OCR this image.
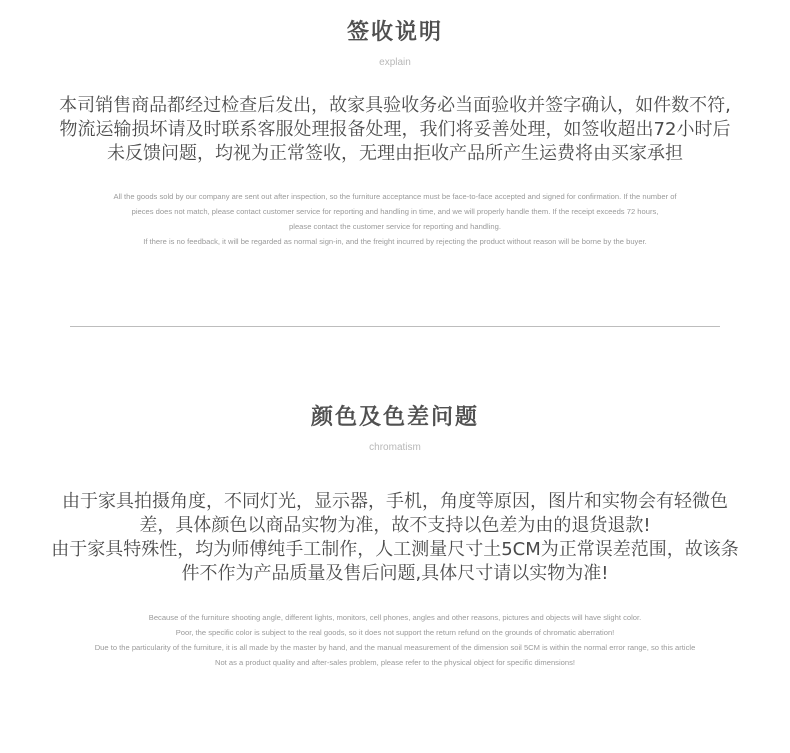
签收说明
explain
本司销售商品都经过检查后发出，故家具验收务必当面验收并签字确认，如件数不符,
物流运输损坏请及时联系客服处理报备处理，我们将妥善处理，如签收超出72小时后
未反馈问题，均视为正常签收，无理由拒收产品所产生运费将由买家承担
All the goods sold by our company are sent out after inspection, so the furniture acceptance must be face-to-face accepted and signed for confirmation. If the number of
pieces does not match, please contact customer service for reporting and handling in time, and we will properly handle them. If the receipt exceeds 72 hours,
please contact the customer service for reporting and handling.
If there is no feedback, it will be regarded as normal sign-in, and the freight incurred by rejecting the product without reason will be borne by the buyer.
颜色及色差问题
chromatism
由于家具拍摄角度，不同灯光，显示器，手机，角度等原因，图片和实物会有轻微色
差，具体颜色以商品实物为准，故不支持以色差为由的退货退款!
由于家具特殊性，均为师傅纯手工制作，人工测量尺寸土5CM为正常误差范围，故该条
件不作为产品质量及售后问题,具体尺寸请以实物为准!
Because of the furniture shooting angle, different lights, monitors, cell phones, angles and other reasons, pictures and objects will have slight color.
Poor, the specific color is subject to the real goods, so it does not support the return refund on the grounds of chromatic aberration!
Due to the particularity of the furniture, it is all made by the master by hand, and the manual measurement of the dimension soil 5CM is within the normal error range, so this article
Not as a product quality and after-sales problem, please refer to the physical object for specific dimensions!
